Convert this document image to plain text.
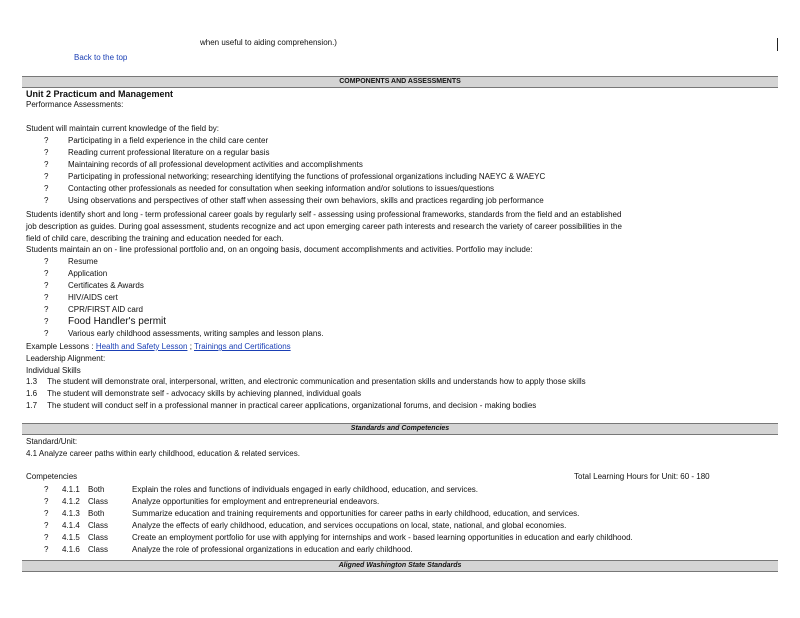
when useful to aiding comprehension.)
Back to the top
COMPONENTS AND ASSESSMENTS
Unit 2 Practicum and Management
Performance Assessments:
Student will maintain current knowledge of the field by:
? Participating in a field experience in the child care center
? Reading current professional literature on a regular basis
? Maintaining records of all professional development activities and accomplishments
? Participating in professional networking; researching identifying the functions of professional organizations including NAEYC & WAEYC
? Contacting other professionals as needed for consultation when seeking information and/or solutions to issues/questions
? Using observations and perspectives of other staff when assessing their own behaviors, skills and practices regarding job performance
Students identify short and long - term professional career goals by regularly self - assessing using professional frameworks, standards from the field and an established
job description as guides. During goal assessment, students recognize and act upon emerging career path interests and research the variety of career possibilities in the
field of child care, describing the training and education needed for each.
Students maintain an on - line professional portfolio and, on an ongoing basis, document accomplishments and activities. Portfolio may include:
? Resume
? Application
? Certificates & Awards
? HIV/AIDS cert
? CPR/FIRST AID card
? Food Handler's permit
? Various early childhood assessments, writing samples and lesson plans.
Example Lessons : Health and Safety Lesson ; Trainings and Certifications
Leadership Alignment:
Individual Skills
1.3 The student will demonstrate oral, interpersonal, written, and electronic communication and presentation skills and understands how to apply those skills
1.6 The student will demonstrate self - advocacy skills by achieving planned, individual goals
1.7 The student will conduct self in a professional manner in practical career applications, organizational forums, and decision - making bodies
Standards and Competencies
Standard/Unit:
4.1 Analyze career paths within early childhood, education & related services.
Competencies	Total Learning Hours for Unit: 60 - 180
? 4.1.1 Both	Explain the roles and functions of individuals engaged in early childhood, education, and services.
? 4.1.2 Class	Analyze opportunities for employment and entrepreneurial endeavors.
? 4.1.3 Both	Summarize education and training requirements and opportunities for career paths in early childhood, education, and services.
? 4.1.4 Class	Analyze the effects of early childhood, education, and services occupations on local, state, national, and global economies.
? 4.1.5 Class	Create an employment portfolio for use with applying for internships and work - based learning opportunities in education and early childhood.
? 4.1.6 Class	Analyze the role of professional organizations in education and early childhood.
Aligned Washington State Standards
